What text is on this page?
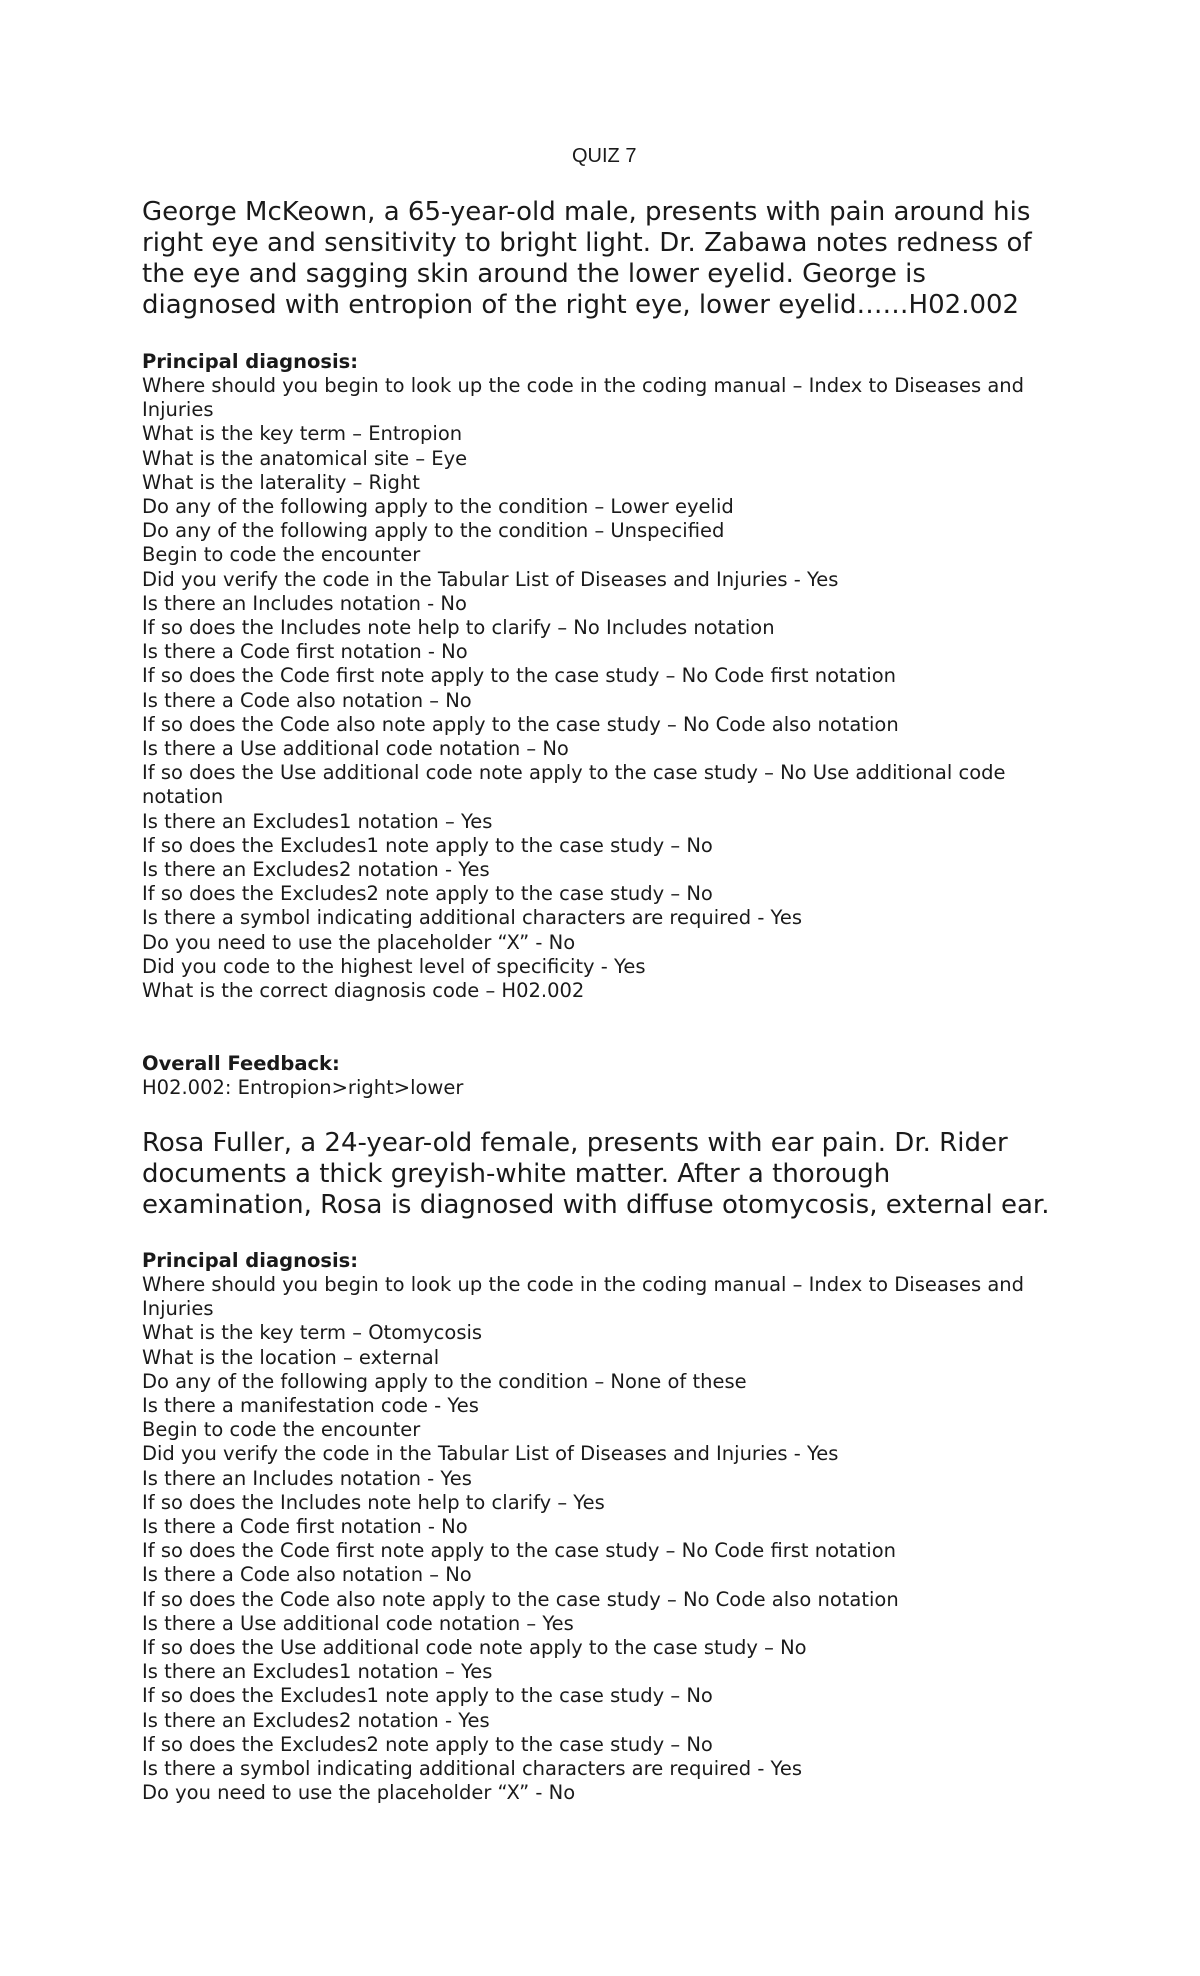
QUIZ 7

George McKeown, a 65-year-old male, presents with pain around his right eye and sensitivity to bright light. Dr. Zabawa notes redness of the eye and sagging skin around the lower eyelid. George is diagnosed with entropion of the right eye, lower eyelid……H02.002

Principal diagnosis:

Where should you begin to look up the code in the coding manual – Index to Diseases and Injuries
What is the key term – Entropion
What is the anatomical site – Eye
What is the laterality – Right
Do any of the following apply to the condition – Lower eyelid
Do any of the following apply to the condition – Unspecified
Begin to code the encounter
Did you verify the code in the Tabular List of Diseases and Injuries - Yes
Is there an Includes notation - No
If so does the Includes note help to clarify – No Includes notation
Is there a Code first notation - No
If so does the Code first note apply to the case study – No Code first notation
Is there a Code also notation – No
If so does the Code also note apply to the case study – No Code also notation
Is there a Use additional code notation – No
If so does the Use additional code note apply to the case study – No Use additional code notation
Is there an Excludes1 notation – Yes
If so does the Excludes1 note apply to the case study – No
Is there an Excludes2 notation - Yes
If so does the Excludes2 note apply to the case study – No
Is there a symbol indicating additional characters are required - Yes
Do you need to use the placeholder “X” - No
Did you code to the highest level of specificity - Yes
What is the correct diagnosis code – H02.002

Overall Feedback:

H02.002: Entropion>right>lower

Rosa Fuller, a 24-year-old female, presents with ear pain. Dr. Rider documents a thick greyish-white matter. After a thorough examination, Rosa is diagnosed with diffuse otomycosis, external ear.

Principal diagnosis:

Where should you begin to look up the code in the coding manual – Index to Diseases and Injuries
What is the key term – Otomycosis
What is the location – external
Do any of the following apply to the condition – None of these
Is there a manifestation code - Yes
Begin to code the encounter
Did you verify the code in the Tabular List of Diseases and Injuries - Yes
Is there an Includes notation - Yes
If so does the Includes note help to clarify – Yes
Is there a Code first notation - No
If so does the Code first note apply to the case study – No Code first notation
Is there a Code also notation – No
If so does the Code also note apply to the case study – No Code also notation
Is there a Use additional code notation – Yes
If so does the Use additional code note apply to the case study – No
Is there an Excludes1 notation – Yes
If so does the Excludes1 note apply to the case study – No
Is there an Excludes2 notation - Yes
If so does the Excludes2 note apply to the case study – No
Is there a symbol indicating additional characters are required - Yes
Do you need to use the placeholder “X” - No
